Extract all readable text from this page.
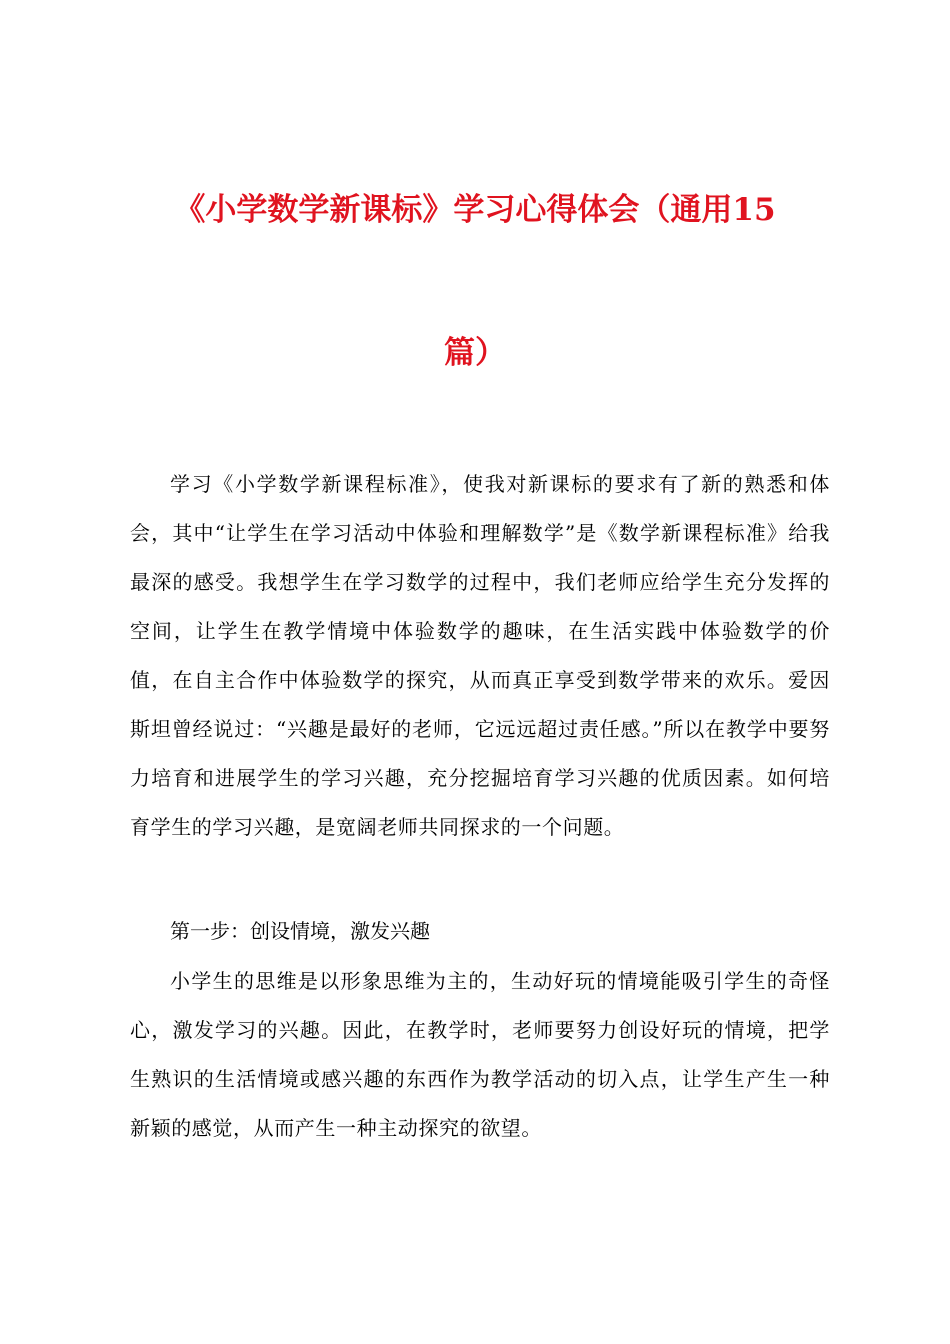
《小学数学新课标》学习心得体会（通用15
篇）

学习《小学数学新课程标准》，使我对新课标的要求有了新的熟悉和体会，其中“让学生在学习活动中体验和理解数学”是《数学新课程标准》给我最深的感受。我想学生在学习数学的过程中，我们老师应给学生充分发挥的空间，让学生在教学情境中体验数学的趣味，在生活实践中体验数学的价值，在自主合作中体验数学的探究，从而真正享受到数学带来的欢乐。爱因斯坦曾经说过：“兴趣是最好的老师，它远远超过责任感。”所以在教学中要努力培育和进展学生的学习兴趣，充分挖掘培育学习兴趣的优质因素。如何培育学生的学习兴趣，是宽阔老师共同探求的一个问题。

第一步：创设情境，激发兴趣

小学生的思维是以形象思维为主的，生动好玩的情境能吸引学生的奇怪心，激发学习的兴趣。因此，在教学时，老师要努力创设好玩的情境，把学生熟识的生活情境或感兴趣的东西作为教学活动的切入点，让学生产生一种新颖的感觉，从而产生一种主动探究的欲望。
